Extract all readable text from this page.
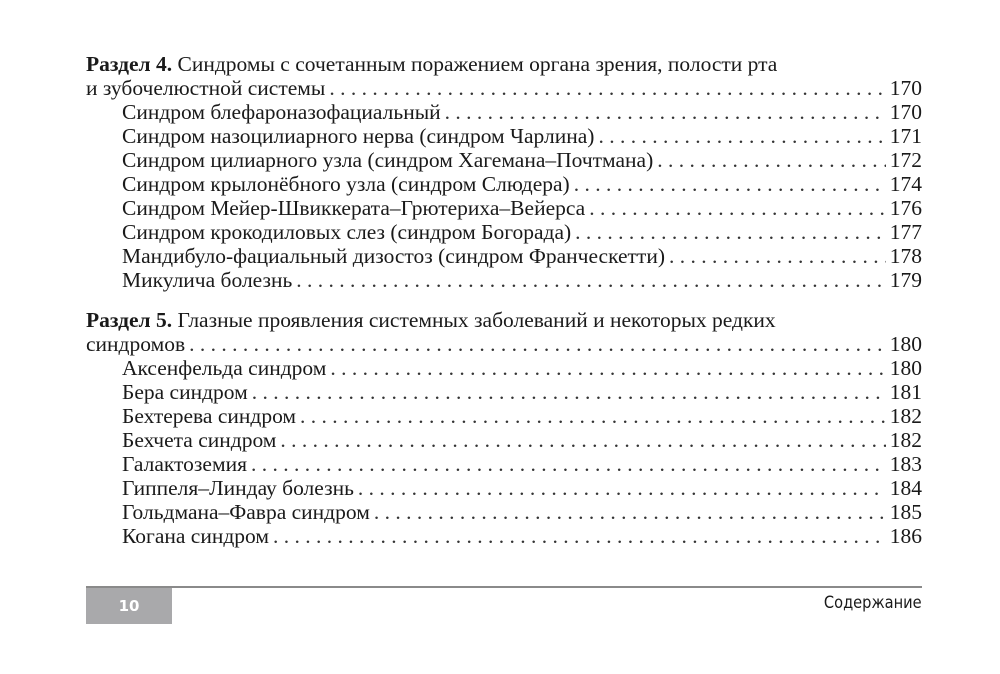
Раздел 4. Синдромы с сочетанным поражением органа зрения, полости рта
и зубочелюстной системы . . .	170
Синдром блефароназофациальный . . .	170
Синдром назоцилиарного нерва (синдром Чарлина) . . .	171
Синдром цилиарного узла (синдром Хагемана–Почтмана) . . .	172
Синдром крылонёбного узла (синдром Слюдера) . . .	174
Синдром Мейер-Швиккерата–Грютериха–Вейерса . . .	176
Синдром крокодиловых слез (синдром Богорада) . . .	177
Мандибуло-фациальный дизостоз (синдром Франческетти) . . .	178
Микулича болезнь . . .	179
Раздел 5. Глазные проявления системных заболеваний и некоторых редких
синдромов . . .	180
Аксенфельда синдром . . .	180
Бера синдром . . .	181
Бехтерева синдром . . .	182
Бехчета синдром . . .	182
Галактоземия . . .	183
Гиппеля–Линдау болезнь . . .	184
Гольдмана–Фавра синдром . . .	185
Когана синдром . . .	186
10	Содержание
